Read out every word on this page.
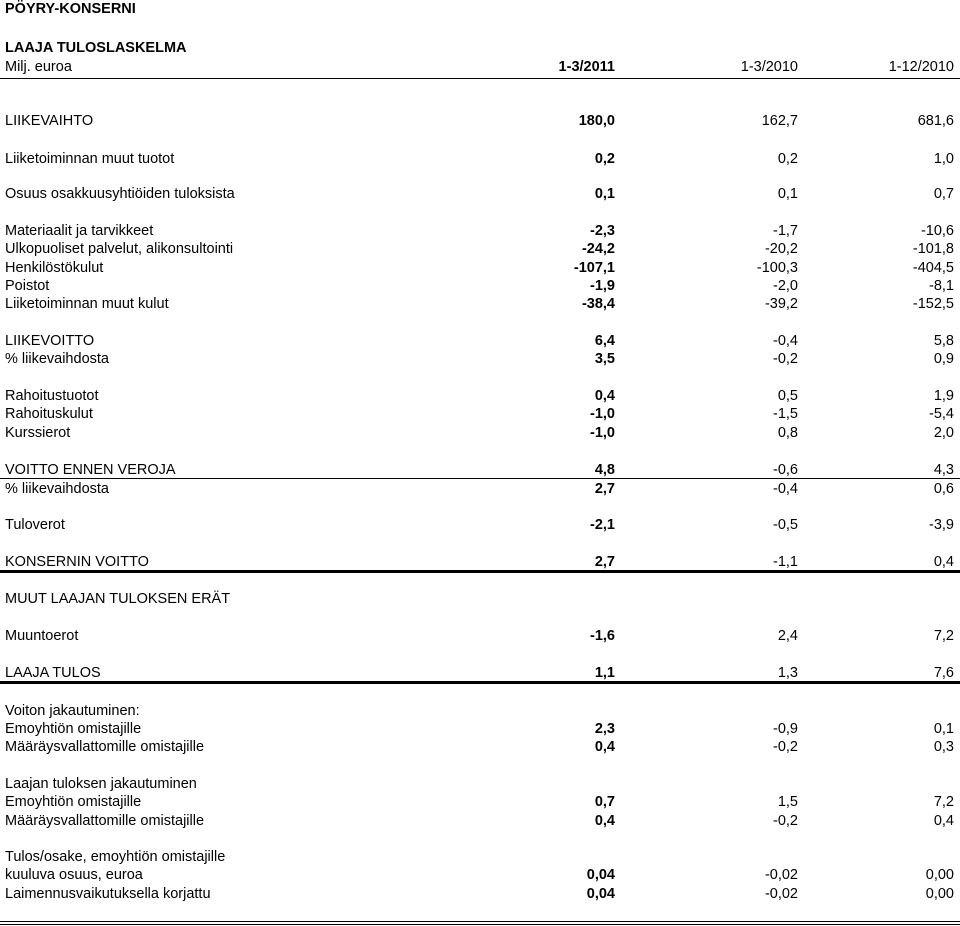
PÖYRY-KONSERNI
LAAJA TULOSLASKELMA
Milj. euroa	1-3/2011	1-3/2010	1-12/2010
LIIKEVAIHTO	180,0	162,7	681,6
Liiketoiminnan muut tuotot	0,2	0,2	1,0
Osuus osakkuusyhtiöiden tuloksista	0,1	0,1	0,7
Materiaalit ja tarvikkeet	-2,3	-1,7	-10,6
Ulkopuoliset palvelut, alikonsultointi	-24,2	-20,2	-101,8
Henkilöstökulut	-107,1	-100,3	-404,5
Poistot	-1,9	-2,0	-8,1
Liiketoiminnan muut kulut	-38,4	-39,2	-152,5
LIIKEVOITTO	6,4	-0,4	5,8
% liikevaihdosta	3,5	-0,2	0,9
Rahoitustuotot	0,4	0,5	1,9
Rahoituskulut	-1,0	-1,5	-5,4
Kurssierot	-1,0	0,8	2,0
VOITTO ENNEN VEROJA	4,8	-0,6	4,3
% liikevaihdosta	2,7	-0,4	0,6
Tuloverot	-2,1	-0,5	-3,9
KONSERNIN VOITTO	2,7	-1,1	0,4
MUUT LAAJAN TULOKSEN ERÄT
Muuntoerot	-1,6	2,4	7,2
LAAJA TULOS	1,1	1,3	7,6
Voiton jakautuminen:
Emoyhtiön omistajille	2,3	-0,9	0,1
Määräysvallattomille omistajille	0,4	-0,2	0,3
Laajan tuloksen jakautuminen
Emoyhtiön omistajille	0,7	1,5	7,2
Määräysvallattomille omistajille	0,4	-0,2	0,4
Tulos/osake, emoyhtiön omistajille
kuuluva osuus, euroa	0,04	-0,02	0,00
Laimennusvaikutuksella korjattu	0,04	-0,02	0,00
